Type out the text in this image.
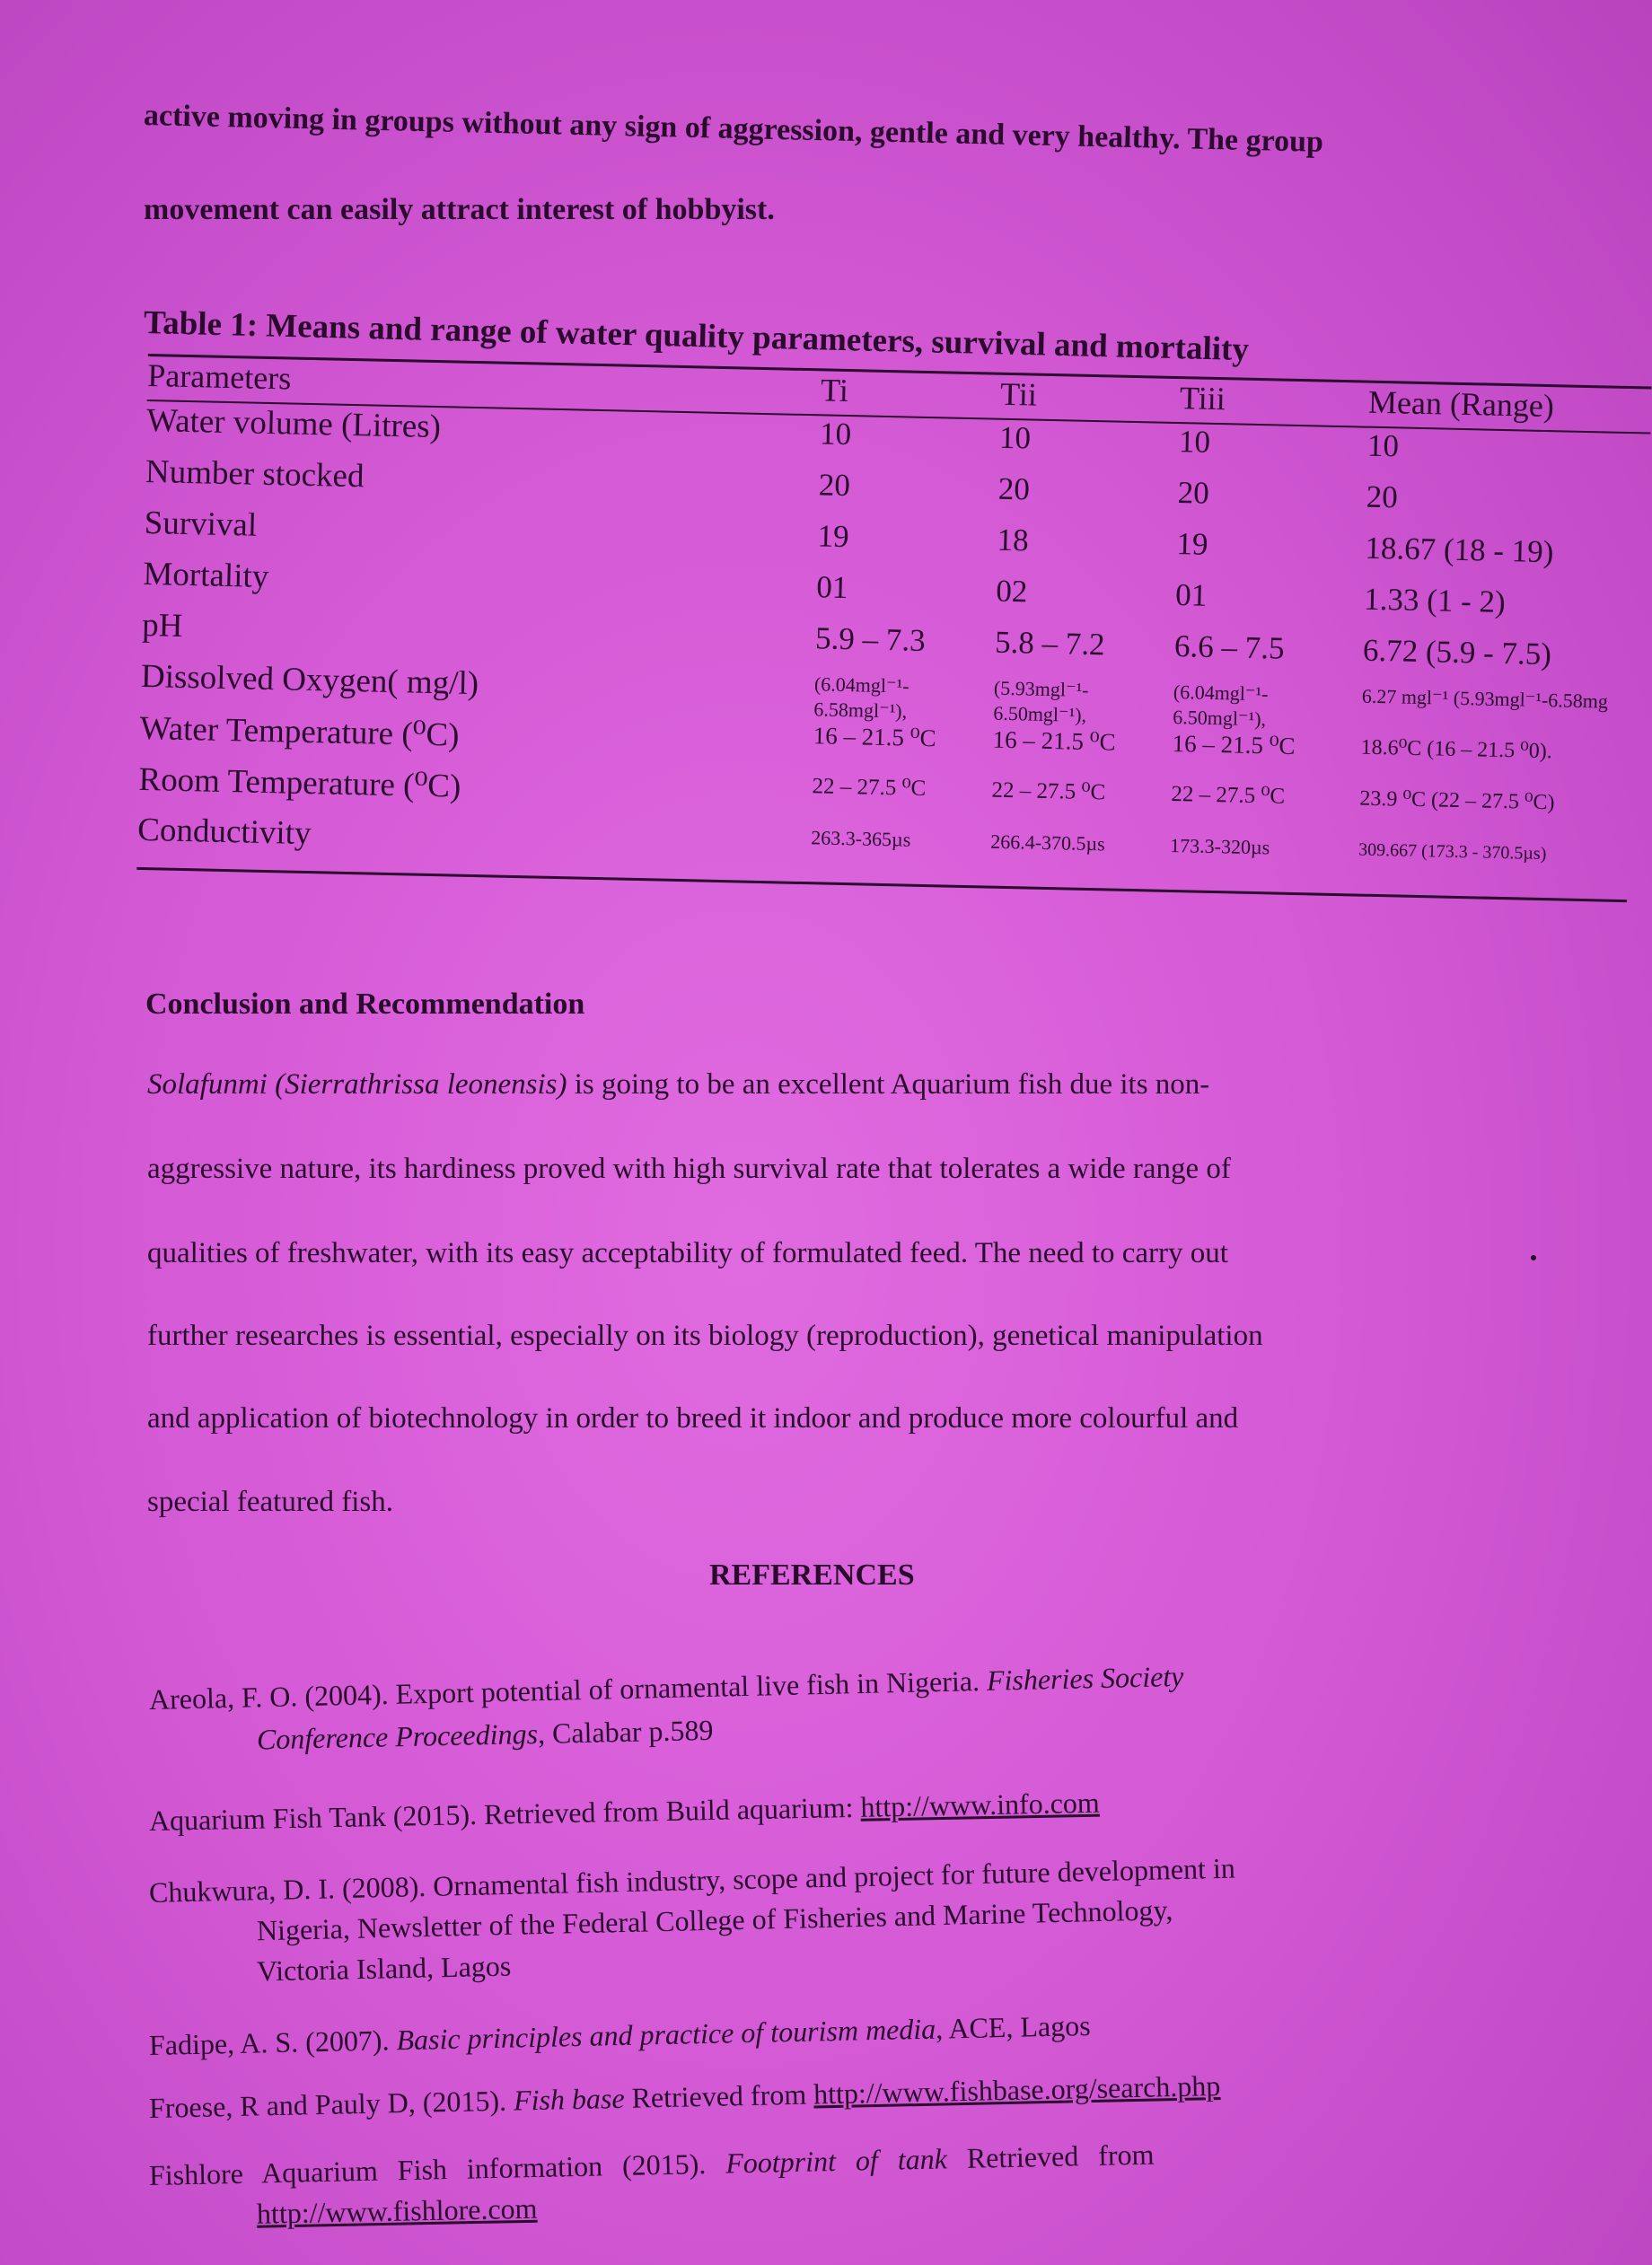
active moving in groups without any sign of aggression, gentle and very healthy. The group
movement can easily attract interest of hobbyist.
Table 1: Means and range of water quality parameters, survival and mortality
Parameters	Ti	Tii	Tiii	Mean (Range)
Water volume (Litres)	10	10	10	10
Number stocked	20	20	20	20
Survival	19	18	19	18.67 (18 - 19)
Mortality	01	02	01	1.33 (1 - 2)
pH	5.9 – 7.3	5.8 – 7.2	6.6 – 7.5	6.72 (5.9 - 7.5)
Dissolved Oxygen( mg/l)	(6.04mgl⁻¹- 6.58mgl⁻¹),	(5.93mgl⁻¹- 6.50mgl⁻¹),	(6.04mgl⁻¹- 6.50mgl⁻¹),	6.27 mgl⁻¹ (5.93mgl⁻¹-6.58mg
Water Temperature (⁰C)	16 – 21.5 ⁰C	16 – 21.5 ⁰C	16 – 21.5 ⁰C	18.6⁰C (16 – 21.5 ⁰0).
Room Temperature (⁰C)	22 – 27.5 ⁰C	22 – 27.5 ⁰C	22 – 27.5 ⁰C	23.9 ⁰C (22 – 27.5 ⁰C)
Conductivity	263.3-365µs	266.4-370.5µs	173.3-320µs	309.667 (173.3 - 370.5µs)
Conclusion and Recommendation
Solafunmi (Sierrathrissa leonensis) is going to be an excellent Aquarium fish due its non-
aggressive nature, its hardiness proved with high survival rate that tolerates a wide range of
qualities of freshwater, with its easy acceptability of formulated feed. The need to carry out
further researches is essential, especially on its biology (reproduction), genetical manipulation
and application of biotechnology in order to breed it indoor and produce more colourful and
special featured fish.
REFERENCES
Areola, F. O. (2004). Export potential of ornamental live fish in Nigeria. Fisheries Society
Conference Proceedings, Calabar p.589
Aquarium Fish Tank (2015). Retrieved from Build aquarium: http://www.info.com
Chukwura, D. I. (2008). Ornamental fish industry, scope and project for future development in
Nigeria, Newsletter of the Federal College of Fisheries and Marine Technology,
Victoria Island, Lagos
Fadipe, A. S. (2007). Basic principles and practice of tourism media, ACE, Lagos
Froese, R and Pauly D, (2015). Fish base Retrieved from http://www.fishbase.org/search.php
Fishlore Aquarium Fish information (2015). Footprint of tank Retrieved from
http://www.fishlore.com
